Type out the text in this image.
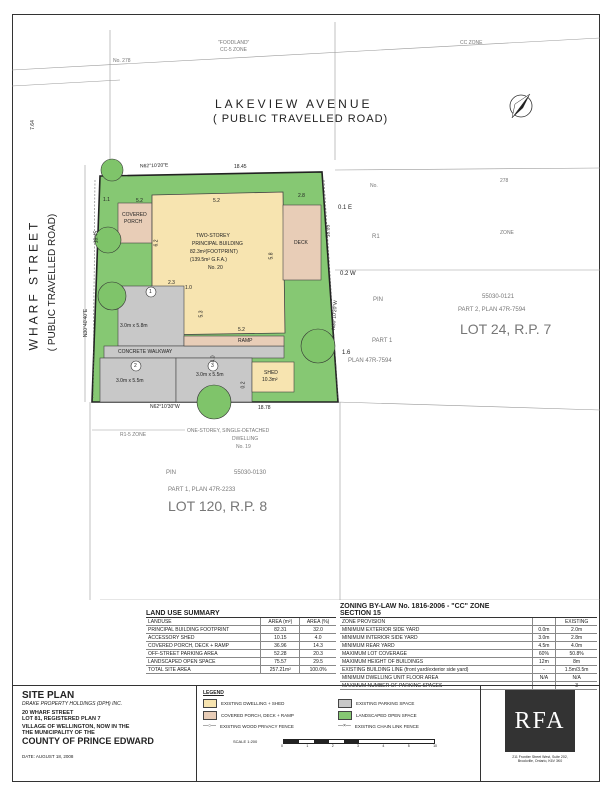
LAKEVIEW AVENUE
( PUBLIC TRAVELLED ROAD)
WHARF STREET ( PUBLIC TRAVELLED ROAD)
No. 278
"FOODLAND"
CC-5 ZONE
CC ZONE
No.
278
ZONE
R1
PIN	55030-0121
PART 1
PLAN 47R-7594
PART 2, PLAN 47R-7594
LOT 24, R.P. 7
R1-5 ZONE
ONE-STOREY, SINGLE-DETACHED
DWELLING
No. 19
PIN	55030-0130
PART 1, PLAN 47R-2233
LOT 120, R.P. 8
TWO-STOREY
PRINCIPAL BUILDING
82.3m²(FOOTPRINT)
(139.5m² G.F.A.)
No. 20
COVERED
PORCH
DECK
3.0m x 5.8m
3.0m x 5.5m
3.0m x 5.5m
1
2	3
CONCRETE WALKWAY
RAMP
SHED
10.3m²
18.45
18.78
18.45	18.35
2.8
0.1 E
0.2 W
1.6
4.0
0.2
N62°10'20"E
N62°10'30"W
N30°40'40"E	N30°10'20"W
7.64
1.1	5.2	5.2
5.3
5.2
5.8
2.3
6.2
1.0
ZONING BY-LAW No. 1816-2006 - "CC" ZONE
SECTION 15
ZONE PROVISION		EXISTING
MINIMUM EXTERIOR SIDE YARD	0.0m	2.0m
MINIMUM INTERIOR SIDE YARD	3.0m	2.8m
MINIMUM REAR YARD	4.5m	4.0m
MAXIMUM LOT COVERAGE	60%	50.8%
MAXIMUM HEIGHT OF BUILDINGS	12m	8m
EXISTING BUILDING LINE (front yard/exterior side yard)	-	1.5m/3.5m
MINIMUM DWELLING UNIT FLOOR AREA	N/A	N/A
MAXIMUM NUMBER OF PARKING SPACES	-	3
LAND USE SUMMARY
LANDUSE	AREA (m²)	AREA (%)
PRINCIPAL BUILDING FOOTPRINT	82.31	32.0
ACCESSORY SHED	10.15	4.0
COVERED PORCH, DECK + RAMP	36.96	14.3
OFF-STREET PARKING AREA	52.28	20.3
LANDSCAPED OPEN SPACE	75.57	29.5
TOTAL SITE AREA	257.21m²	100.0%
SITE PLAN
DRAKE PROPERTY HOLDINGS (DPH) INC.
20 WHARF STREET
LOT 81, REGISTERED PLAN 7
VILLAGE OF WELLINGTON, NOW IN THE
THE MUNICIPALITY OF THE
COUNTY OF PRINCE EDWARD
DATE: AUGUST 18, 2008
LEGEND
EXISTING DWELLING + SHED	EXISTING PARKING SPACE
COVERED PORCH, DECK + RAMP	LANDSCAPED OPEN SPACE
—○— EXISTING WOOD PRIVACY FENCE	—×— EXISTING CHAIN LINK FENCE
SCALE 1:200
0	1	2	3	4	5	10
RFA
211 Frontier Street West, Suite 202,
Brookville, Ontario, K6V 3K0
